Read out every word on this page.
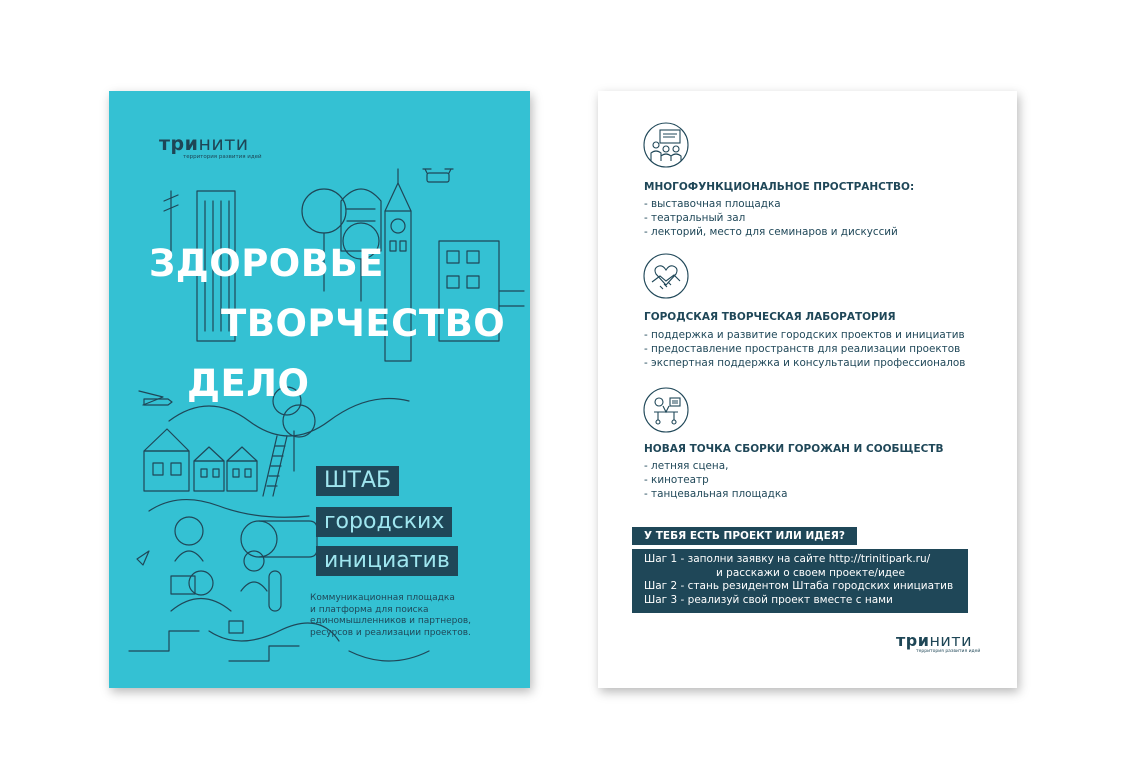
тринити
территория развития идей
ЗДОРОВЬЕ
ТВОРЧЕСТВО
ДЕЛО
ШТАБ
городских
инициатив
Коммуникационная площадка
и платформа для поиска
единомышленников и партнеров,
ресурсов и реализации проектов.
МНОГОФУНКЦИОНАЛЬНОЕ ПРОСТРАНСТВО:
- выставочная площадка
- театральный зал
- лекторий, место для семинаров и дискуссий
ГОРОДСКАЯ ТВОРЧЕСКАЯ ЛАБОРАТОРИЯ
- поддержка и развитие городских проектов и инициатив
- предоставление пространств для реализации проектов
- экспертная поддержка и консультации профессионалов
НОВАЯ ТОЧКА СБОРКИ ГОРОЖАН И СООБЩЕСТВ
- летняя сцена,
- кинотеатр
- танцевальная площадка
У ТЕБЯ ЕСТЬ ПРОЕКТ ИЛИ ИДЕЯ?
Шаг 1 - заполни заявку на сайте http://trinitipark.ru/
и расскажи о своем проекте/идее
Шаг 2 - стань резидентом Штаба городских инициатив
Шаг 3 - реализуй свой проект вместе с нами
тринити
территория развития идей
